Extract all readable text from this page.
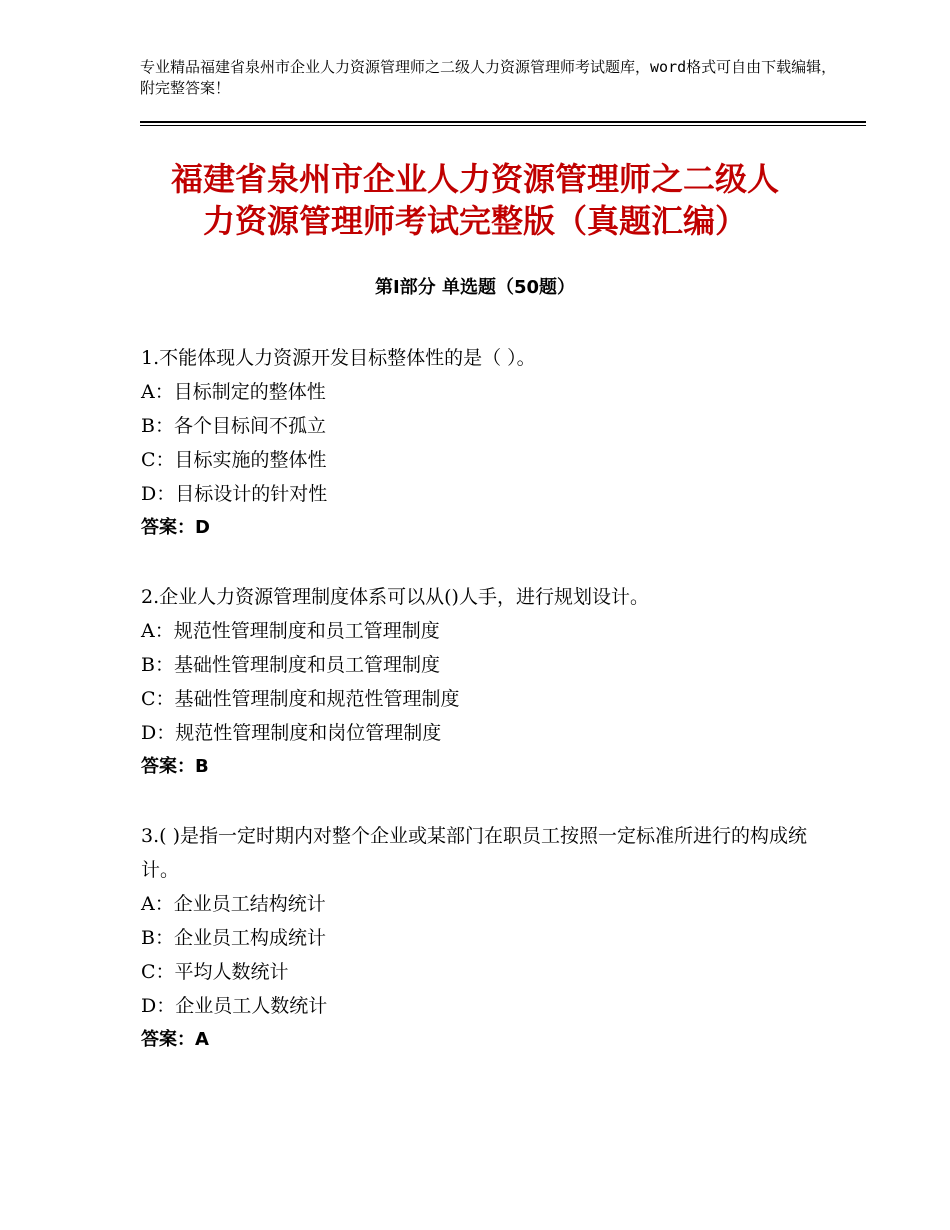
专业精品福建省泉州市企业人力资源管理师之二级人力资源管理师考试题库，word格式可自由下载编辑，附完整答案！
福建省泉州市企业人力资源管理师之二级人
力资源管理师考试完整版（真题汇编）
第Ⅰ部分 单选题（50题）
1.不能体现人力资源开发目标整体性的是（ ）。
A：目标制定的整体性
B：各个目标间不孤立
C：目标实施的整体性
D：目标设计的针对性
答案：D
2.企业人力资源管理制度体系可以从()人手，进行规划设计。
A：规范性管理制度和员工管理制度
B：基础性管理制度和员工管理制度
C：基础性管理制度和规范性管理制度
D：规范性管理制度和岗位管理制度
答案：B
3.( )是指一定时期内对整个企业或某部门在职员工按照一定标准所进行的构成统计。
A：企业员工结构统计
B：企业员工构成统计
C：平均人数统计
D：企业员工人数统计
答案：A
